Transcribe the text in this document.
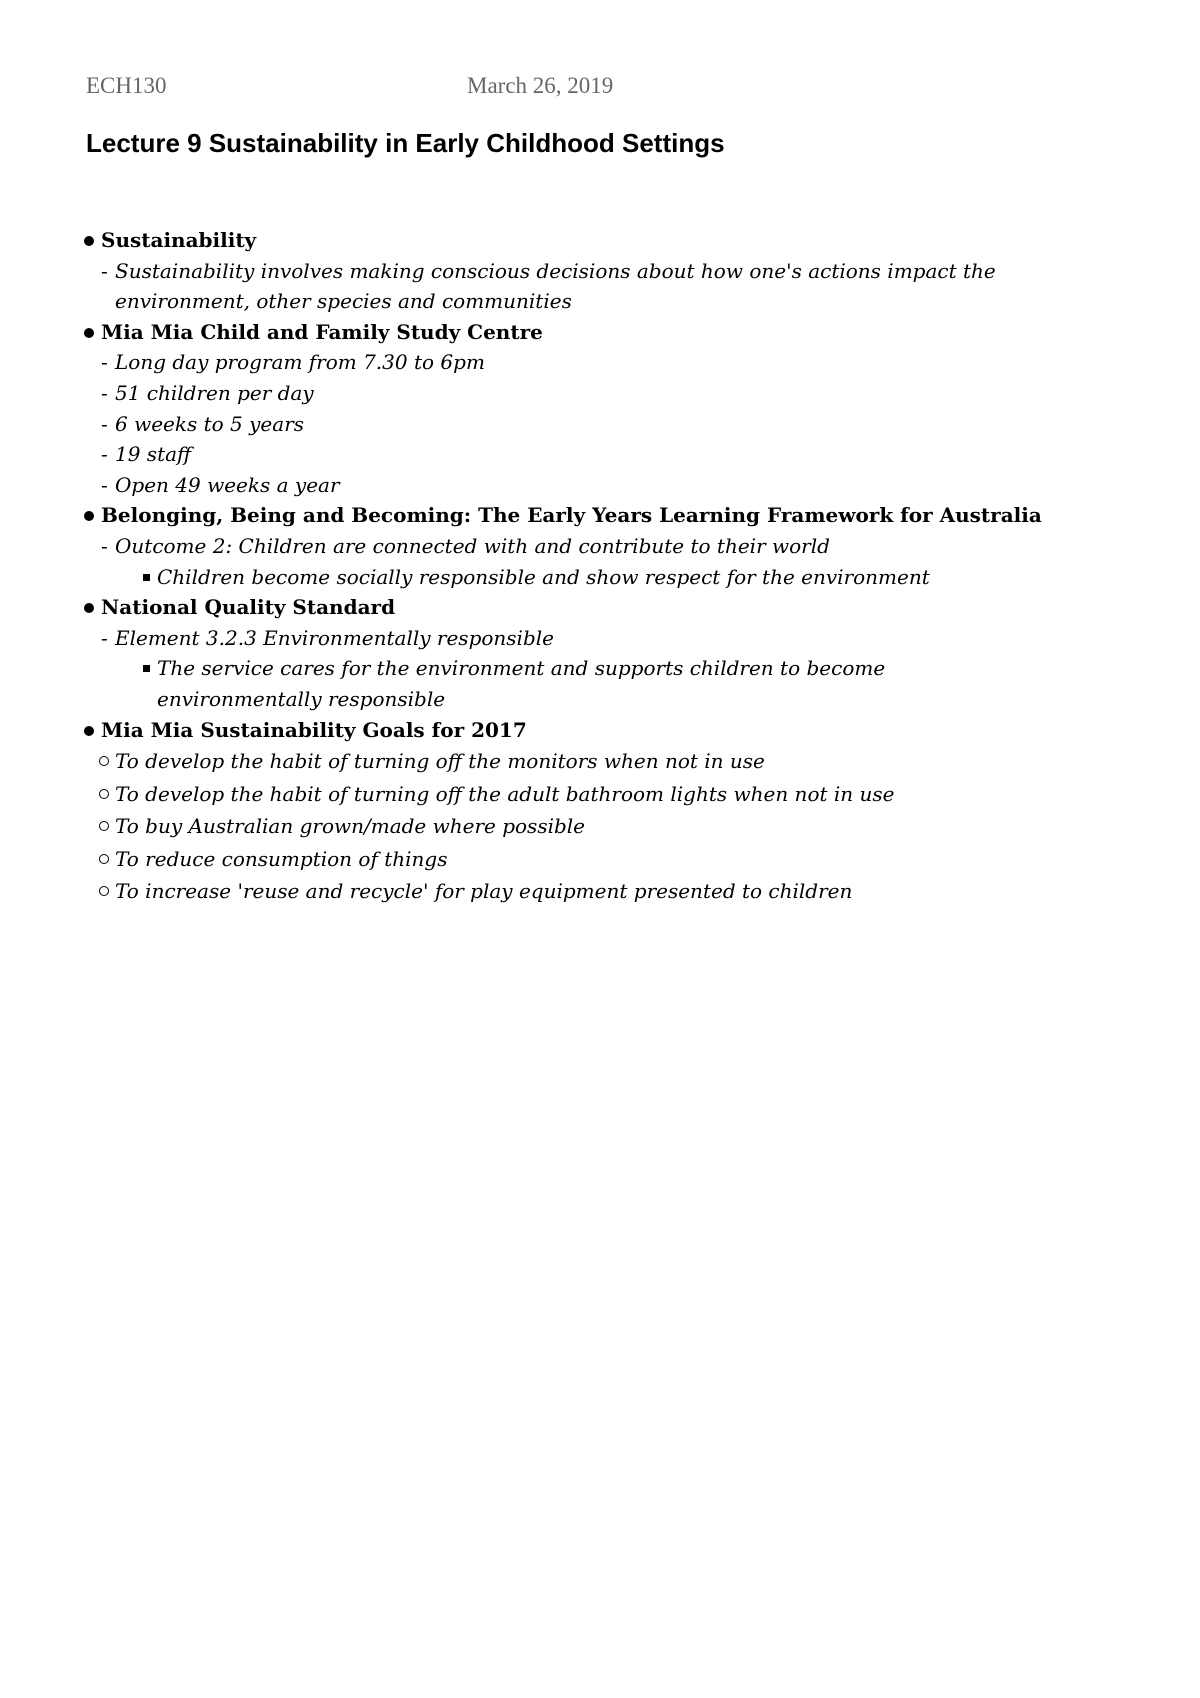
ECH130	March 26, 2019
Lecture 9 Sustainability in Early Childhood Settings
Sustainability
- Sustainability involves making conscious decisions about how one's actions impact the environment, other species and communities
Mia Mia Child and Family Study Centre
- Long day program from 7.30 to 6pm
- 51 children per day
- 6 weeks to 5 years
- 19 staff
- Open 49 weeks a year
Belonging, Being and Becoming: The Early Years Learning Framework for Australia
- Outcome 2: Children are connected with and contribute to their world
Children become socially responsible and show respect for the environment
National Quality Standard
- Element 3.2.3 Environmentally responsible
The service cares for the environment and supports children to become environmentally responsible
Mia Mia Sustainability Goals for 2017
To develop the habit of turning off the monitors when not in use
To develop the habit of turning off the adult bathroom lights when not in use
To buy Australian grown/made where possible
To reduce consumption of things
To increase 'reuse and recycle' for play equipment presented to children
